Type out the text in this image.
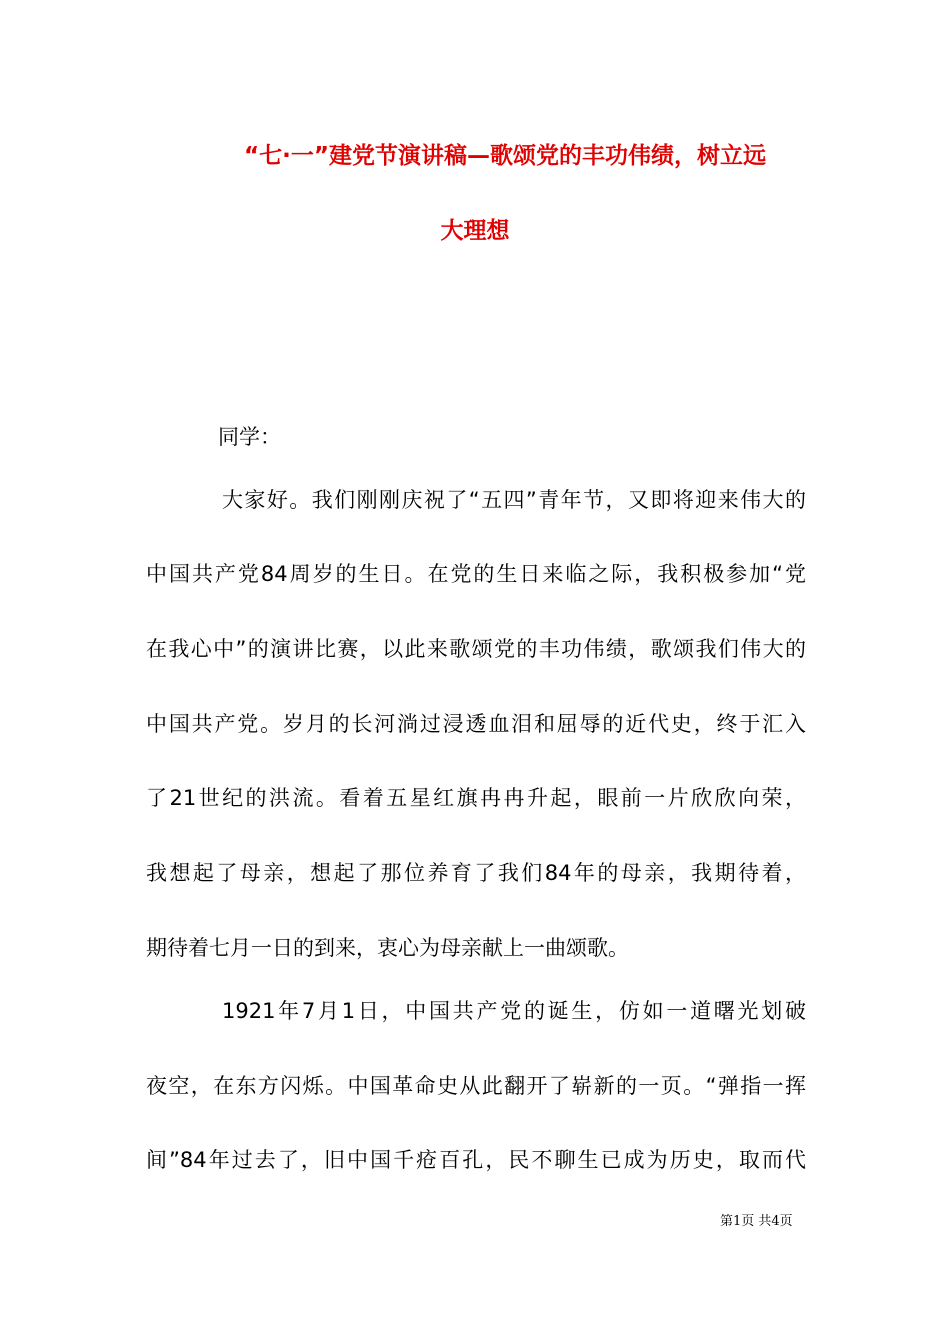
“七·一”建党节演讲稿—歌颂党的丰功伟绩，树立远
大理想
同学：
大家好。我们刚刚庆祝了“五四”青年节，又即将迎来伟大的
中国共产党84周岁的生日。在党的生日来临之际，我积极参加“党
在我心中”的演讲比赛，以此来歌颂党的丰功伟绩，歌颂我们伟大的
中国共产党。岁月的长河淌过浸透血泪和屈辱的近代史，终于汇入
了21世纪的洪流。看着五星红旗冉冉升起，眼前一片欣欣向荣，
我想起了母亲，想起了那位养育了我们84年的母亲，我期待着，
期待着七月一日的到来，衷心为母亲献上一曲颂歌。
1921年7月1日，中国共产党的诞生，仿如一道曙光划破
夜空，在东方闪烁。中国革命史从此翻开了崭新的一页。“弹指一挥
间”84年过去了，旧中国千疮百孔，民不聊生已成为历史，取而代
第1页 共4页
